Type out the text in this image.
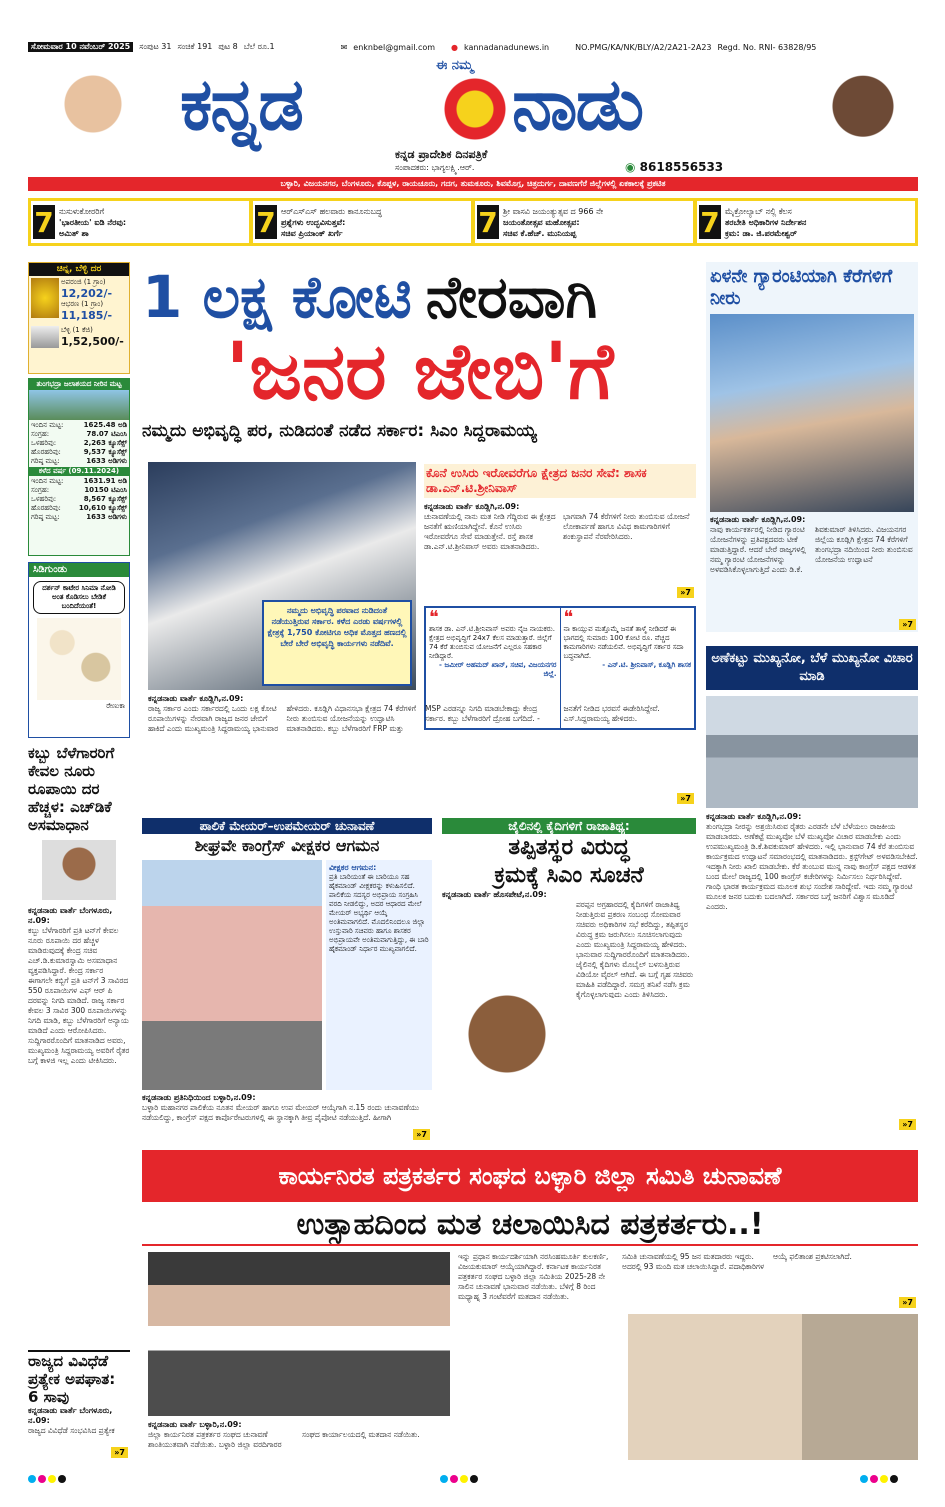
ಸೋಮವಾರ 10 ನವೆಂಬರ್ 2025	ಸಂಪುಟ 31 ಸಂಚಿಕೆ 191 ಪುಟ 8 ಬೆಲೆ ರೂ.1	✉ enknbel@gmail.com ● kannadanadunews.in	NO.PMG/KA/NK/BLY/A2/2A21-2A23 Regd. No. RNI- 63828/95
ಕನ್ನಡ	ಈ ನಮ್ಮ ನಾಡು
ಕನ್ನಡ ಪ್ರಾದೇಶಿಕ ದಿನಪತ್ರಿಕೆ
ಸಂಪಾದಕರು: ಭಾಗ್ಯಲಕ್ಷ್ಮಿ.ಆರ್.	◉ 8618556533
ಬಳ್ಳಾರಿ, ವಿಜಯನಗರ, ಬೆಂಗಳೂರು, ಕೊಪ್ಪಳ, ರಾಯಚೂರು, ಗದಗ, ತುಮಕೂರು, ಶಿವಮೊಗ್ಗ, ಚಿತ್ರದುರ್ಗ, ದಾವಣಗೆರೆ ಜಿಲ್ಲೆಗಳಲ್ಲಿ ಏಕಕಾಲಕ್ಕೆ ಪ್ರಕಟಿತ
7 ನುಸುಳುಕೋರರಿಗೆ
'ಭಾರತೀಯ' ಐಡಿ ನೆರವು:
ಅಮಿತ್ ಶಾ	7 ಆರ್‌ಎಸ್‌ಎಸ್ ಹಲವಾರು ಕಾನೂನುಬದ್ಧ
ಪ್ರಶ್ನೆಗಳು ಉದ್ಭವಿಸುತ್ತವೆ:
ಸಚಿವ ಪ್ರಿಯಾಂಕ್ ಖರ್ಗೆ	7 ಶ್ರೀ ವಾಸವಿ ಜಯಂತ್ಯುತ್ಸವ ದ 966 ನೇ
ಜಯಂತೋತ್ಸವ ಮಹೋತ್ಸವ:
ಸಚಿವ ಕೆ.ಹೆಚ್. ಮುನಿಯಪ್ಪ	7 ಮೈಕ್ರೋಲ್ಯಾಬ್ ನಲ್ಲಿ ಕೆಲಸ
ತರಬೇತಿ ಅಧಿಕಾರಿಗಳ ನಿರ್ದೇಶನ
ಕ್ರಮ: ಡಾ. ಜಿ.ಪರಮೇಶ್ವರ್
ಚಿನ್ನ, ಬೆಳ್ಳಿ ದರ
ಅಪರಂಜಿ (1 ಗ್ರಾಂ)
12,202/-
ಆಭರಣ (1 ಗ್ರಾಂ)
11,185/-
ಬೆಳ್ಳಿ (1 ಕೆಜಿ)
1,52,500/-
ತುಂಗಭದ್ರಾ ಜಲಾಶಯದ ನೀರಿನ ಮಟ್ಟ
ಇಂದಿನ ಮಟ್ಟ:	1625.48 ಅಡಿ
ಸಂಗ್ರಹ:	78.07 ಟಿಎಂಸಿ
ಒಳಹರಿವು:	2,263 ಕ್ಯೂಸೆಕ್ಸ್
ಹೊರಹರಿವು:	9,537 ಕ್ಯೂಸೆಕ್ಸ್
ಗರಿಷ್ಠ ಮಟ್ಟ:	1633 ಅಡಿಗಳು
ಕಳೆದ ವರ್ಷ (09.11.2024)
ಇಂದಿನ ಮಟ್ಟ:	1631.91 ಅಡಿ
ಸಂಗ್ರಹ:	10150 ಟಿಎಂಸಿ
ಒಳಹರಿವು:	8,567 ಕ್ಯೂಸೆಕ್ಸ್
ಹೊರಹರಿವು:	10,610 ಕ್ಯೂಸೆಕ್ಸ್
ಗರಿಷ್ಠ ಮಟ್ಟ:	1633 ಅಡಿಗಳು
ಸಿಡಿಗುಂಡು
ದರ್ಶನ್ ಕಾಟೇರ ಸಿನಿಮಾ ನೋಡಿ ಅಂತ ಕೊಡಿಸಲು ಬೇಡಿಕೆ ಬಂದಿದೆಯಂತೆ!
ರೇಣುಕಾ
ಕಬ್ಬು ಬೆಳೆಗಾರರಿಗೆ ಕೇವಲ ನೂರು ರೂಪಾಯಿ ದರ ಹೆಚ್ಚಳ: ಎಚ್‌ಡಿಕೆ ಅಸಮಾಧಾನ
ಕನ್ನಡನಾಡು ವಾರ್ತೆ ಬೆಂಗಳೂರು, ನ.09:
ಕಬ್ಬು ಬೆಳೆಗಾರರಿಗೆ ಪ್ರತಿ ಟನ್‌ಗೆ ಕೇವಲ ನೂರು ರೂಪಾಯಿ ದರ ಹೆಚ್ಚಳ ಮಾಡಿರುವುದಕ್ಕೆ ಕೇಂದ್ರ ಸಚಿವ ಎಚ್.ಡಿ.ಕುಮಾರಸ್ವಾಮಿ ಅಸಮಾಧಾನ ವ್ಯಕ್ತಪಡಿಸಿದ್ದಾರೆ. ಕೇಂದ್ರ ಸರ್ಕಾರ ಈಗಾಗಲೇ ಕಬ್ಬಿಗೆ ಪ್ರತಿ ಟನ್‌ಗೆ 3 ಸಾವಿರದ 550 ರೂಪಾಯಿಗಳ ಎಫ್ ಆರ್ ಪಿ ದರವನ್ನು ನಿಗದಿ ಮಾಡಿದೆ. ರಾಜ್ಯ ಸರ್ಕಾರ ಕೇವಲ 3 ಸಾವಿರ 300 ರೂಪಾಯಿಗಳನ್ನು ನಿಗದಿ ಮಾಡಿ, ಕಬ್ಬು ಬೆಳೆಗಾರರಿಗೆ ಅನ್ಯಾಯ ಮಾಡಿದೆ ಎಂದು ಆರೋಪಿಸಿದರು. ಸುದ್ದಿಗಾರರೊಂದಿಗೆ ಮಾತನಾಡಿದ ಅವರು, ಮುಖ್ಯಮಂತ್ರಿ ಸಿದ್ದರಾಮಯ್ಯ ಅವರಿಗೆ ರೈತರ ಬಗ್ಗೆ ಕಾಳಜಿ ಇಲ್ಲ ಎಂದು ಟೀಕಿಸಿದರು.
ರಾಜ್ಯದ ವಿವಿಧೆಡೆ ಪ್ರತ್ಯೇಕ ಅಪಘಾತ: 6 ಸಾವು
ಕನ್ನಡನಾಡು ವಾರ್ತೆ ಬೆಂಗಳೂರು, ನ.09:
ರಾಜ್ಯದ ವಿವಿಧೆಡೆ ಸಂಭವಿಸಿದ ಪ್ರತ್ಯೇಕ
»7
1 ಲಕ್ಷ ಕೋಟಿ ನೇರವಾಗಿ
'ಜನರ ಜೇಬಿ'ಗೆ
ನಮ್ಮದು ಅಭಿವೃದ್ಧಿ ಪರ, ನುಡಿದಂತೆ ನಡೆದ ಸರ್ಕಾರ: ಸಿಎಂ ಸಿದ್ದರಾಮಯ್ಯ
ನಮ್ಮದು ಅಭಿವೃದ್ಧಿ ಪರವಾದ ನುಡಿದಂತೆ ನಡೆಯುತ್ತಿರುವ ಸರ್ಕಾರ. ಕಳೆದ ಎರಡು ವರ್ಷಗಳಲ್ಲಿ ಕ್ಷೇತ್ರಕ್ಕೆ 1,750 ಕೋಟಿಗೂ ಅಧಿಕ ಮೊತ್ತದ ಹಣದಲ್ಲಿ ಬೇರೆ ಬೇರೆ ಅಭಿವೃದ್ಧಿ ಕಾರ್ಯಗಳು ನಡೆದಿವೆ.
ಕೊನೆ ಉಸಿರು ಇರೋವರೆಗೂ ಕ್ಷೇತ್ರದ ಜನರ ಸೇವೆ: ಶಾಸಕ ಡಾ.ಎನ್.ಟಿ.ಶ್ರೀನಿವಾಸ್
ಕನ್ನಡನಾಡು ವಾರ್ತೆ ಕೂಡ್ಲಿಗಿ,ನ.09:
ಚುನಾವಣೆಯಲ್ಲಿ ನಾನು ಮತ ನೀಡಿ ಗೆದ್ದಿರುವ ಈ ಕ್ಷೇತ್ರದ ಜನತೆಗೆ ಋಣಿಯಾಗಿದ್ದೇನೆ. ಕೊನೆ ಉಸಿರು ಇರೋವರೆಗೂ ಸೇವೆ ಮಾಡುತ್ತೇನೆ. ರಸ್ತೆ ಶಾಸಕ ಡಾ.ಎನ್.ಟಿ.ಶ್ರೀನಿವಾಸ್ ಅವರು ಮಾತನಾಡಿದರು. ಭಾಗವಾಗಿ 74 ಕೆರೆಗಳಿಗೆ ನೀರು ತುಂಬಿಸುವ ಯೋಜನೆ ಲೋಕಾರ್ಪಣೆ ಹಾಗೂ ವಿವಿಧ ಕಾಮಗಾರಿಗಳಿಗೆ ಶಂಕುಸ್ಥಾಪನೆ ನೆರವೇರಿಸಿದರು.
»7
❝
ಶಾಸಕ ಡಾ. ಎನ್.ಟಿ.ಶ್ರೀನಿವಾಸ್ ಅವರು ನೈಜ ನಾಯಕರು. ಕ್ಷೇತ್ರದ ಅಭಿವೃದ್ಧಿಗೆ 24x7 ಕೆಲಸ ಮಾಡುತ್ತಾರೆ. ಜಿಲ್ಲೆಗೆ 74 ಕೆರೆ ತುಂಬಿಸುವ ಯೋಜನೆಗೆ ಎಲ್ಲರೂ ಸಹಕಾರ ನೀಡಿದ್ದಾರೆ.
- ಜಮೀರ್ ಅಹಮದ್ ಖಾನ್, ಸಚಿವ, ವಿಜಯನಗರ ಜಿಲ್ಲೆ.
❝
ನಾ ಕಾಯ್ಸುವ ಮತ್ತೊಮ್ಮೆ ಜನತೆ ತಾಳ್ಮೆ ನೀಡಿದರೆ ಈ ಭಾಗದಲ್ಲಿ ಸುಮಾರು 100 ಕೋಟಿ ರೂ. ವೆಚ್ಚದ ಕಾಮಗಾರಿಗಳು ನಡೆಯಲಿವೆ. ಅಭಿವೃದ್ಧಿಗೆ ಸರ್ಕಾರ ಸದಾ ಬದ್ಧವಾಗಿದೆ.
- ಎನ್.ಟಿ. ಶ್ರೀನಿವಾಸ್, ಕೂಡ್ಲಿಗಿ ಶಾಸಕ
ಕನ್ನಡನಾಡು ವಾರ್ತೆ ಕೂಡ್ಲಿಗಿ,ನ.09:
ರಾಜ್ಯ ಸರ್ಕಾರ ಎಂದು ಸರ್ಕಾರದಲ್ಲಿ ಒಂದು ಲಕ್ಷ ಕೋಟಿ ರೂಪಾಯಿಗಳನ್ನು ನೇರವಾಗಿ ರಾಜ್ಯದ ಜನರ ಜೇಬಿಗೆ ಹಾಕಿದೆ ಎಂದು ಮುಖ್ಯಮಂತ್ರಿ ಸಿದ್ದರಾಮಯ್ಯ ಭಾನುವಾರ ಹೇಳಿದರು. ಕೂಡ್ಲಿಗಿ ವಿಧಾನಸಭಾ ಕ್ಷೇತ್ರದ 74 ಕೆರೆಗಳಿಗೆ ನೀರು ತುಂಬಿಸುವ ಯೋಜನೆಯನ್ನು ಉದ್ಘಾಟಿಸಿ ಮಾತನಾಡಿದರು. ಕಬ್ಬು ಬೆಳೆಗಾರರಿಗೆ FRP ಮತ್ತು MSP ಎರಡನ್ನೂ ನಿಗದಿ ಮಾಡಬೇಕಾದ್ದು ಕೇಂದ್ರ ಸರ್ಕಾರ. ಕಬ್ಬು ಬೆಳೆಗಾರರಿಗೆ ದ್ರೋಹ ಬಗೆದಿದೆ. - ಜನತೆಗೆ ನೀಡಿದ ಭರವಸೆ ಈಡೇರಿಸಿದ್ದೇವೆ. ಎಸ್.ಸಿದ್ದರಾಮಯ್ಯ ಹೇಳಿದರು.
»7
ಏಳನೇ ಗ್ಯಾರಂಟಿಯಾಗಿ ಕೆರೆಗಳಿಗೆ ನೀರು
ಕನ್ನಡನಾಡು ವಾರ್ತೆ ಕೂಡ್ಲಿಗಿ,ನ.09:
ನಾವು ಕಾರ್ಯಕರ್ತರಲ್ಲಿ ನೀಡಿದ ಗ್ಯಾರಂಟಿ ಯೋಜನೆಗಳನ್ನು ಪ್ರತಿಪಕ್ಷದವರು ಟೀಕೆ ಮಾಡುತ್ತಿದ್ದಾರೆ. ಆದರೆ ಬೇರೆ ರಾಜ್ಯಗಳಲ್ಲಿ ನಮ್ಮ ಗ್ಯಾರಂಟಿ ಯೋಜನೆಗಳನ್ನು ಅಳವಡಿಸಿಕೊಳ್ಳಲಾಗುತ್ತಿದೆ ಎಂದು ಡಿ.ಕೆ. ಶಿವಕುಮಾರ್ ತಿಳಿಸಿದರು. ವಿಜಯನಗರ ಜಿಲ್ಲೆಯ ಕೂಡ್ಲಿಗಿ ಕ್ಷೇತ್ರದ 74 ಕೆರೆಗಳಿಗೆ ತುಂಗಭದ್ರಾ ನದಿಯಿಂದ ನೀರು ತುಂಬಿಸುವ ಯೋಜನೆಯ ಉದ್ಘಾಟನೆ
»7
ಅಣೆಕಟ್ಟು ಮುಖ್ಯನೋ, ಬೆಳೆ ಮುಖ್ಯನೋ ವಿಚಾರ ಮಾಡಿ
ಕನ್ನಡನಾಡು ವಾರ್ತೆ ಕೂಡ್ಲಿಗಿ,ನ.09:
ತುಂಗಭದ್ರಾ ನೀರನ್ನು ಅಶ್ರಯಿಸಿರುವ ರೈತರು ಎರಡನೇ ಬೆಳೆ ಬೆಳೆಯಲು ರಾಜಕೀಯ ಮಾಡಬಾರದು. ಅಣೆಕಟ್ಟೆ ಮುಖ್ಯವೋ ಬೆಳೆ ಮುಖ್ಯವೋ ವಿಚಾರ ಮಾಡಬೇಕು ಎಂದು ಉಪಮುಖ್ಯಮಂತ್ರಿ ಡಿ.ಕೆ.ಶಿವಕುಮಾರ್ ಹೇಳಿದರು. ಇಲ್ಲಿ ಭಾನುವಾರ 74 ಕೆರೆ ತುಂಬಿಸುವ ಕಾರ್ಯಕ್ರಮದ ಉದ್ಘಾಟನೆ ಸಮಾರಂಭದಲ್ಲಿ ಮಾತನಾಡಿದರು. ಕ್ರಸ್ಟ್‌ಗೇಟ್ ಅಳವಡಿಸಬೇಕಿದೆ. ಇದಕ್ಕಾಗಿ ನೀರು ಖಾಲಿ ಮಾಡಬೇಕು. ಕೆರೆ ತುಂಬುವ ಮುನ್ನ ನಾವು ಕಾಂಗ್ರೆಸ್ ಪಕ್ಷದ ಆಡಳಿತ ಬಂದ ಮೇಲೆ ರಾಜ್ಯದಲ್ಲಿ 100 ಕಾಂಗ್ರೆಸ್ ಕಚೇರಿಗಳನ್ನು ನಿರ್ಮಿಸಲು ನಿರ್ಧರಿಸಿದ್ದೇವೆ. ಗಾಂಧಿ ಭಾರತ ಕಾರ್ಯಕ್ರಮದ ಮೂಲಕ ಶುಭ ಸಂದೇಶ ಸಾರಿದ್ದೇವೆ. ಇದು ನಮ್ಮ ಗ್ಯಾರಂಟಿ ಮೂಲಕ ಜನರ ಬದುಕು ಬದಲಾಗಿದೆ. ಸರ್ಕಾರದ ಬಗ್ಗೆ ಜನರಿಗೆ ವಿಶ್ವಾಸ ಮೂಡಿದೆ ಎಂದರು.
»7
ಪಾಲಿಕೆ ಮೇಯರ್–ಉಪಮೇಯರ್ ಚುನಾವಣೆ
ಶೀಘ್ರವೇ ಕಾಂಗ್ರೆಸ್ ವೀಕ್ಷಕರ ಆಗಮನ
ವೀಕ್ಷಕರ ಆಗಮನ:
ಪ್ರತಿ ಬಾರಿಯಂತೆ ಈ ಬಾರಿಯೂ ಸಹ ಹೈಕಮಾಂಡ್ ವೀಕ್ಷಕರನ್ನು ಕಳುಹಿಸಲಿದೆ. ಪಾಲಿಕೆಯ ಸದಸ್ಯರ ಅಭಿಪ್ರಾಯ ಸಂಗ್ರಹಿಸಿ ವರದಿ ನೀಡಲಿದ್ದು, ಅದರ ಆಧಾರದ ಮೇಲೆ ಮೇಯರ್ ಅಭ್ಯರ್ಥಿ ಆಯ್ಕೆ ಅಂತಿಮವಾಗಲಿದೆ. ಮೊದಲಿನಿಂದಲೂ ಜಿಲ್ಲಾ ಉಸ್ತುವಾರಿ ಸಚಿವರು ಹಾಗೂ ಶಾಸಕರ ಅಭಿಪ್ರಾಯವೇ ಅಂತಿಮವಾಗುತ್ತಿದ್ದು, ಈ ಬಾರಿ ಹೈಕಮಾಂಡ್ ನಿರ್ಧಾರ ಮುಖ್ಯವಾಗಲಿದೆ.
ಕನ್ನಡನಾಡು ಪ್ರತಿನಿಧಿಯಿಂದ ಬಳ್ಳಾರಿ,ನ.09:
ಬಳ್ಳಾರಿ ಮಹಾನಗರ ಪಾಲಿಕೆಯ ನೂತನ ಮೇಯರ್ ಹಾಗೂ ಉಪ ಮೇಯರ್ ಆಯ್ಕೆಗಾಗಿ ನ.15 ರಂದು ಚುನಾವಣೆಯು ನಡೆಯಲಿದ್ದು, ಕಾಂಗ್ರೆಸ್ ಪಕ್ಷದ ಕಾರ್ಪೊರೇಟರುಗಳಲ್ಲಿ ಈ ಸ್ಥಾನಕ್ಕಾಗಿ ತೀವ್ರ ಪೈಪೋಟಿ ನಡೆಯುತ್ತಿದೆ. ಹೀಗಾಗಿ
»7
ಜೈಲಿನಲ್ಲಿ ಕೈದಿಗಳಿಗೆ ರಾಜಾತಿಥ್ಯ:
ತಪ್ಪಿತಸ್ಥರ ವಿರುದ್ಧ
ಕ್ರಮಕ್ಕೆ ಸಿಎಂ ಸೂಚನೆ
ಕನ್ನಡನಾಡು ವಾರ್ತೆ ಹೊಸಪೇಟೆ,ನ.09:
ಪರಪ್ಪನ ಅಗ್ರಹಾರದಲ್ಲಿ ಕೈದಿಗಳಿಗೆ ರಾಜಾತಿಥ್ಯ ನೀಡುತ್ತಿರುವ ಪ್ರಕರಣ ಸಂಬಂಧ ಸೋಮವಾರ ಸಚಿವರು ಅಧಿಕಾರಿಗಳ ಸಭೆ ಕರೆದಿದ್ದು, ತಪ್ಪಿತಸ್ಥರ ವಿರುದ್ಧ ಕ್ರಮ ಜರುಗಿಸಲು ಸೂಚಿಸಲಾಗುವುದು ಎಂದು ಮುಖ್ಯಮಂತ್ರಿ ಸಿದ್ದರಾಮಯ್ಯ ಹೇಳಿದರು. ಭಾನುವಾರ ಸುದ್ದಿಗಾರರೊಂದಿಗೆ ಮಾತನಾಡಿದರು. ಜೈಲಿನಲ್ಲಿ ಕೈದಿಗಳು ಮೊಬೈಲ್ ಬಳಸುತ್ತಿರುವ ವಿಡಿಯೋ ವೈರಲ್ ಆಗಿದೆ. ಈ ಬಗ್ಗೆ ಗೃಹ ಸಚಿವರು ಮಾಹಿತಿ ಪಡೆದಿದ್ದಾರೆ. ಸಮಗ್ರ ತನಿಖೆ ನಡೆಸಿ ಕ್ರಮ ಕೈಗೊಳ್ಳಲಾಗುವುದು ಎಂದು ತಿಳಿಸಿದರು.
ಕಾರ್ಯನಿರತ ಪತ್ರಕರ್ತರ ಸಂಘದ ಬಳ್ಳಾರಿ ಜಿಲ್ಲಾ ಸಮಿತಿ ಚುನಾವಣೆ
ಉತ್ಸಾಹದಿಂದ ಮತ ಚಲಾಯಿಸಿದ ಪತ್ರಕರ್ತರು..!
ಕನ್ನಡನಾಡು ವಾರ್ತೆ ಬಳ್ಳಾರಿ,ನ.09:
ಜಿಲ್ಲಾ ಕಾರ್ಯನಿರತ ಪತ್ರಕರ್ತರ ಸಂಘದ ಚುನಾವಣೆ ಶಾಂತಿಯುತವಾಗಿ ನಡೆಯಿತು. ಬಳ್ಳಾರಿ ಜಿಲ್ಲಾ ವರದಿಗಾರರ ಸಂಘದ ಕಾರ್ಯಾಲಯದಲ್ಲಿ ಮತದಾನ ನಡೆಯಿತು.
ಇನ್ನು ಪ್ರಧಾನ ಕಾರ್ಯದರ್ಶಿಯಾಗಿ ನರಸಿಂಹಮೂರ್ತಿ ಕುಲಕರ್ಣಿ, ವಿಜಯಕುಮಾರ್ ಆಯ್ಕೆಯಾಗಿದ್ದಾರೆ. ಕರ್ನಾಟಕ ಕಾರ್ಯನಿರತ ಪತ್ರಕರ್ತರ ಸಂಘದ ಬಳ್ಳಾರಿ ಜಿಲ್ಲಾ ಸಮಿತಿಯ 2025-28 ನೇ ಸಾಲಿನ ಚುನಾವಣೆ ಭಾನುವಾರ ನಡೆಯಿತು. ಬೆಳಿಗ್ಗೆ 8 ರಿಂದ ಮಧ್ಯಾಹ್ನ 3 ಗಂಟೆವರೆಗೆ ಮತದಾನ ನಡೆಯಿತು.
ಸಮಿತಿ ಚುನಾವಣೆಯಲ್ಲಿ 95 ಜನ ಮತದಾರರು ಇದ್ದರು. ಅದರಲ್ಲಿ 93 ಮಂದಿ ಮತ ಚಲಾಯಿಸಿದ್ದಾರೆ. ಪದಾಧಿಕಾರಿಗಳ ಆಯ್ಕೆ ಫಲಿತಾಂಶ ಪ್ರಕಟಿಸಲಾಗಿದೆ.
»7
